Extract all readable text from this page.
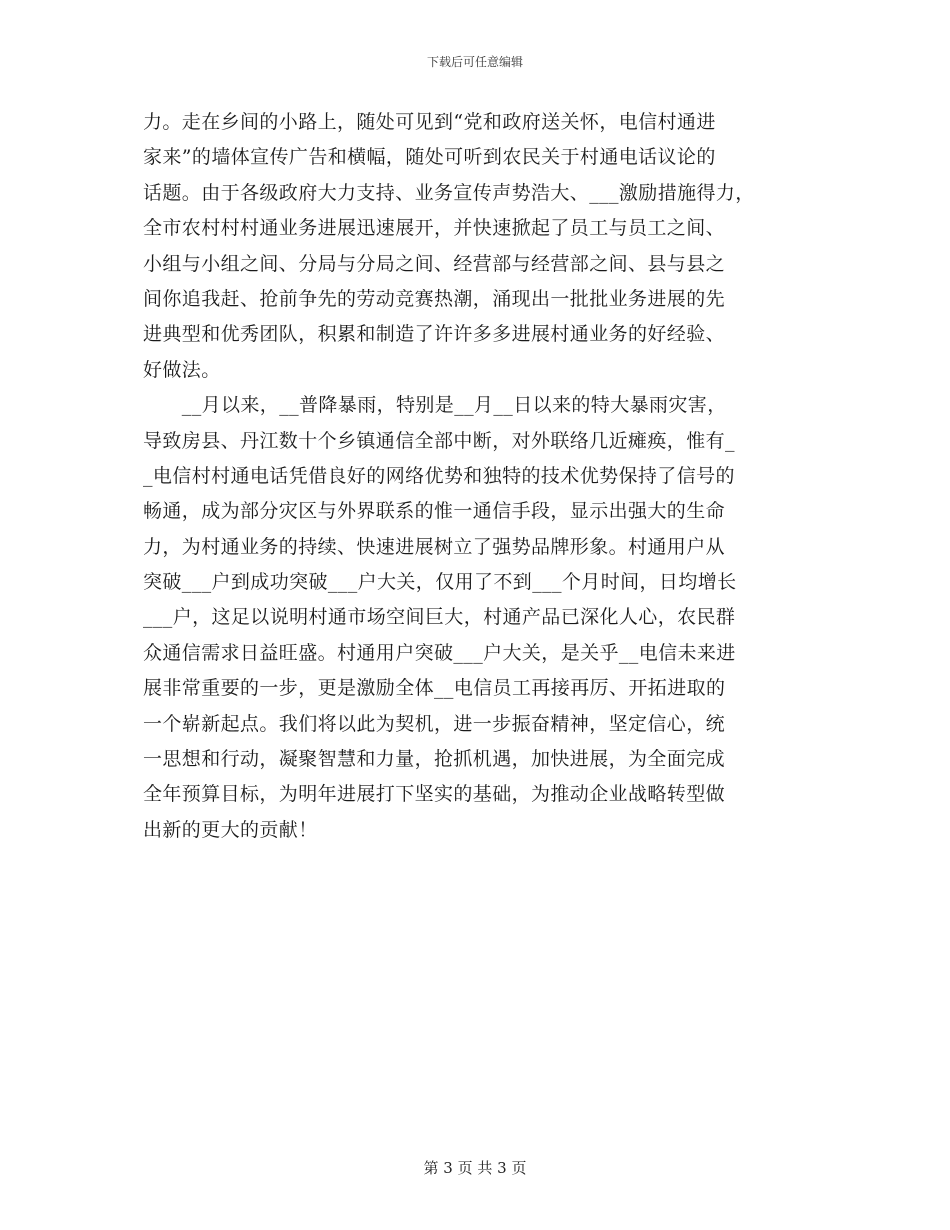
下载后可任意编辑
力。走在乡间的小路上，随处可见到“党和政府送关怀，电信村通进
家来”的墙体宣传广告和横幅，随处可听到农民关于村通电话议论的
话题。由于各级政府大力支持、业务宣传声势浩大、___激励措施得力，
全市农村村村通业务进展迅速展开，并快速掀起了员工与员工之间、
小组与小组之间、分局与分局之间、经营部与经营部之间、县与县之
间你追我赶、抢前争先的劳动竞赛热潮，涌现出一批批业务进展的先
进典型和优秀团队，积累和制造了许许多多进展村通业务的好经验、
好做法。
　　__月以来，__普降暴雨，特别是__月__日以来的特大暴雨灾害，
导致房县、丹江数十个乡镇通信全部中断，对外联络几近瘫痪，惟有_
_电信村村通电话凭借良好的网络优势和独特的技术优势保持了信号的
畅通，成为部分灾区与外界联系的惟一通信手段，显示出强大的生命
力，为村通业务的持续、快速进展树立了强势品牌形象。村通用户从
突破___户到成功突破___户大关，仅用了不到___个月时间，日均增长
___户，这足以说明村通市场空间巨大，村通产品已深化人心，农民群
众通信需求日益旺盛。村通用户突破___户大关，是关乎__电信未来进
展非常重要的一步，更是激励全体__电信员工再接再厉、开拓进取的
一个崭新起点。我们将以此为契机，进一步振奋精神，坚定信心，统
一思想和行动，凝聚智慧和力量，抢抓机遇，加快进展，为全面完成
全年预算目标，为明年进展打下坚实的基础，为推动企业战略转型做
出新的更大的贡献！
第 3 页 共 3 页
